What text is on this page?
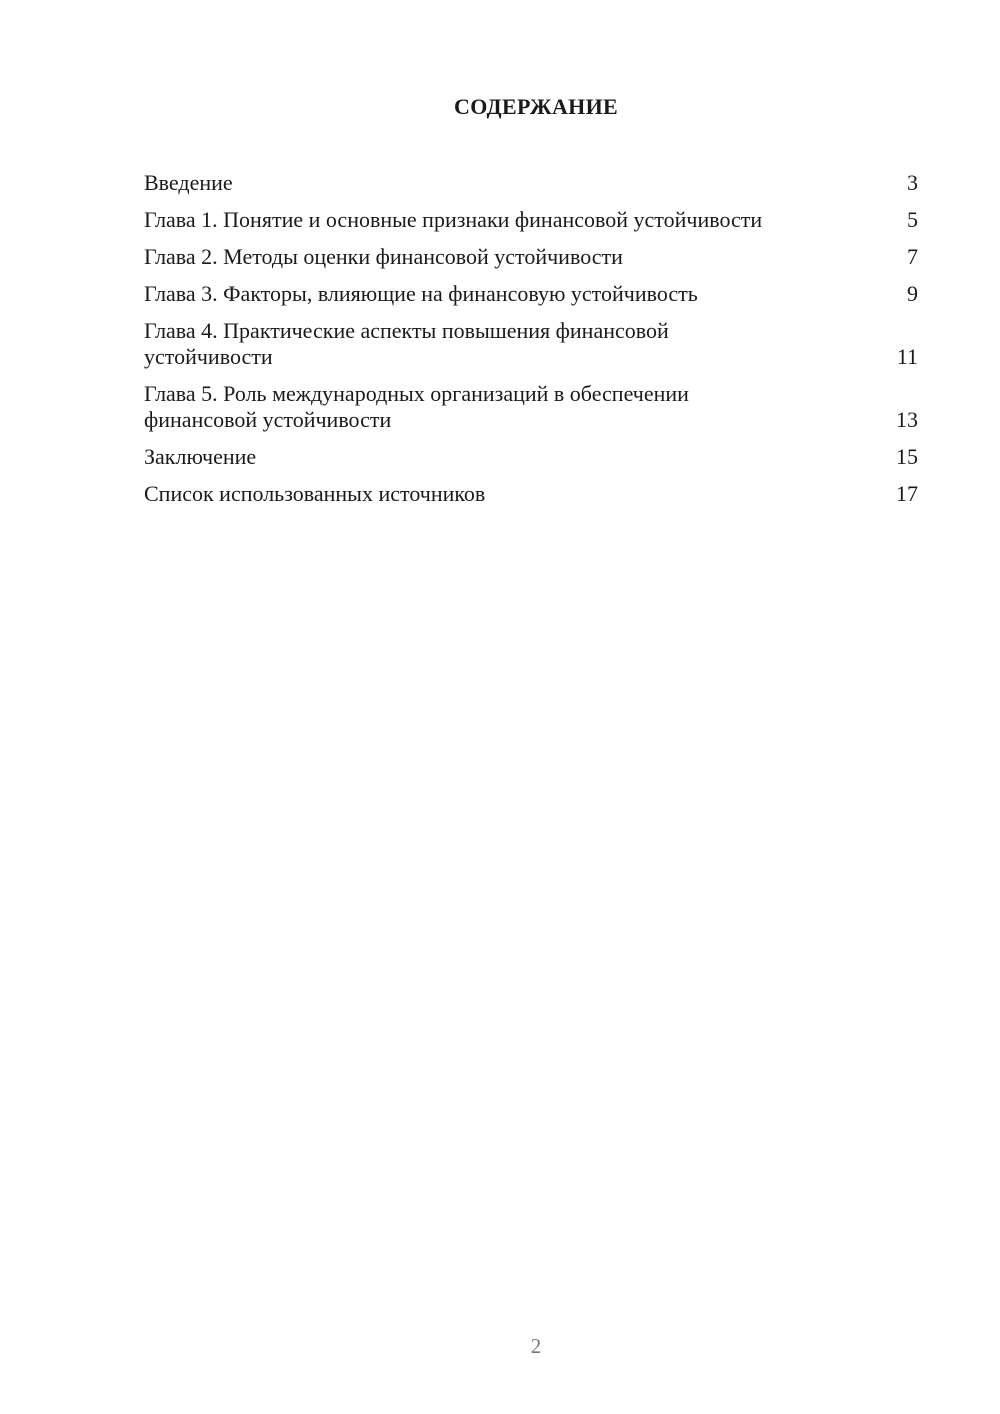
СОДЕРЖАНИЕ
Введение	3
Глава 1. Понятие и основные признаки финансовой устойчивости	5
Глава 2. Методы оценки финансовой устойчивости	7
Глава 3. Факторы, влияющие на финансовую устойчивость	9
Глава 4. Практические аспекты повышения финансовой устойчивости	11
Глава 5. Роль международных организаций в обеспечении финансовой устойчивости	13
Заключение	15
Список использованных источников	17
2
